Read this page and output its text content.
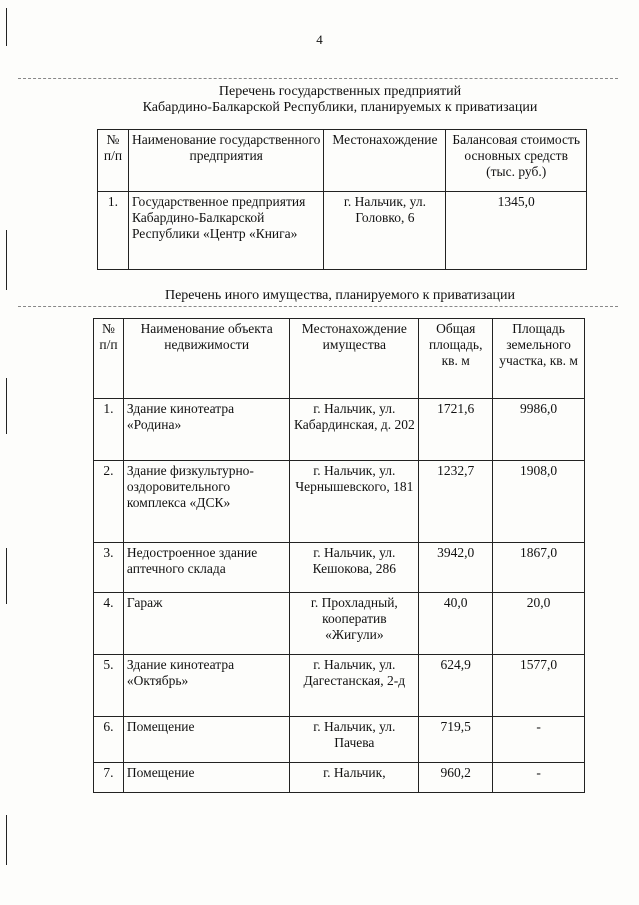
4
Перечень государственных предприятий
Кабардино-Балкарской Республики, планируемых к приватизации
№ п/п	Наименование государственного предприятия	Местонахождение	Балансовая стоимость основных средств (тыс. руб.)
1.	Государственное предприятия Кабардино-Балкарской Республики «Центр «Книга»	г. Нальчик, ул. Головко, 6	1345,0
Перечень иного имущества, планируемого к приватизации
№ п/п	Наименование объекта недвижимости	Местонахождение имущества	Общая площадь, кв. м	Площадь земельного участка, кв. м
1.	Здание кинотеатра «Родина»	г. Нальчик, ул. Кабардинская, д. 202	1721,6	9986,0
2.	Здание физкультурно-оздоровительного комплекса «ДСК»	г. Нальчик, ул. Чернышевского, 181	1232,7	1908,0
3.	Недостроенное здание аптечного склада	г. Нальчик, ул. Кешокова, 286	3942,0	1867,0
4.	Гараж	г. Прохладный, кооператив «Жигули»	40,0	20,0
5.	Здание кинотеатра «Октябрь»	г. Нальчик, ул. Дагестанская, 2-д	624,9	1577,0
6.	Помещение	г. Нальчик, ул. Пачева	719,5	-
7.	Помещение	г. Нальчик,	960,2	-
